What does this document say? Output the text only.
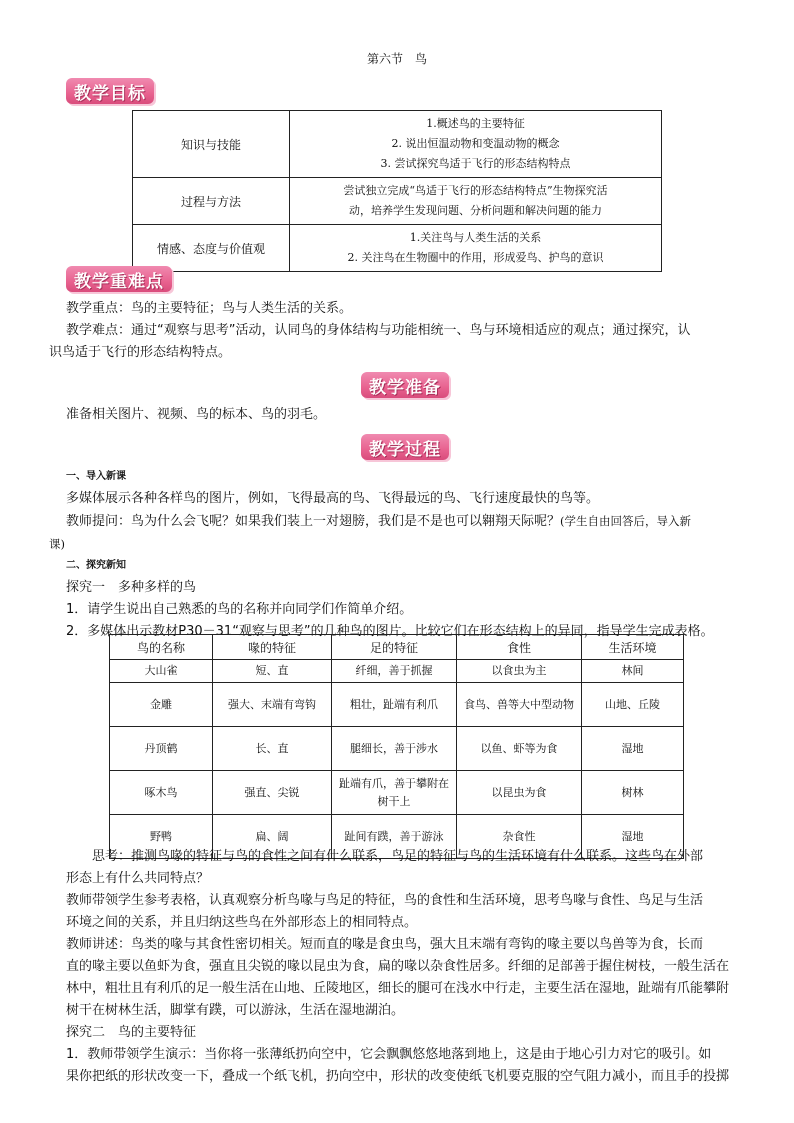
第六节 鸟
教学目标
知识与技能	1.概述鸟的主要特征
2. 说出恒温动物和变温动物的概念
3. 尝试探究鸟适于飞行的形态结构特点

过程与方法	尝试独立完成“鸟适于飞行的形态结构特点”生物探究活
动，培养学生发现问题、分析问题和解决问题的能力

情感、态度与价值观	1.关注鸟与人类生活的关系
2. 关注鸟在生物圈中的作用，形成爱鸟、护鸟的意识
教学重难点
教学重点：鸟的主要特征；鸟与人类生活的关系。
教学难点：通过“观察与思考”活动，认同鸟的身体结构与功能相统一、鸟与环境相适应的观点；通过探究，认
识鸟适于飞行的形态结构特点。
教学准备
准备相关图片、视频、鸟的标本、鸟的羽毛。
教学过程
一、导入新课
多媒体展示各种各样鸟的图片，例如，飞得最高的鸟、飞得最远的鸟、飞行速度最快的鸟等。
教师提问：鸟为什么会飞呢？如果我们装上一对翅膀，我们是不是也可以翱翔天际呢？(学生自由回答后，导入新
课)
二、探究新知
探究一　多种多样的鸟
1．请学生说出自己熟悉的鸟的名称并向同学们作简单介绍。
2．多媒体出示教材P30－31“观察与思考”的几种鸟的图片。比较它们在形态结构上的异同，指导学生完成表格。
鸟的名称	喙的特征	足的特征	食性	生活环境
大山雀	短、直	纤细，善于抓握	以食虫为主	林间
金雕	强大、末端有弯钩	粗壮，趾端有利爪	食鸟、兽等大中型动物	山地、丘陵
丹顶鹤	长、直	腿细长，善于涉水	以鱼、虾等为食	湿地
啄木鸟	强直、尖锐	趾端有爪，善于攀附在树干上	以昆虫为食	树林
野鸭	扁、阔	趾间有蹼，善于游泳	杂食性	湿地
思考：推测鸟喙的特征与鸟的食性之间有什么联系，鸟足的特征与鸟的生活环境有什么联系。这些鸟在外部
形态上有什么共同特点？
教师带领学生参考表格，认真观察分析鸟喙与鸟足的特征，鸟的食性和生活环境，思考鸟喙与食性、鸟足与生活
环境之间的关系，并且归纳这些鸟在外部形态上的相同特点。
教师讲述：鸟类的喙与其食性密切相关。短而直的喙是食虫鸟，强大且末端有弯钩的喙主要以鸟兽等为食，长而
直的喙主要以鱼虾为食，强直且尖锐的喙以昆虫为食，扁的喙以杂食性居多。纤细的足部善于握住树枝，一般生活在
林中，粗壮且有利爪的足一般生活在山地、丘陵地区，细长的腿可在浅水中行走，主要生活在湿地，趾端有爪能攀附
树干在树林生活，脚掌有蹼，可以游泳，生活在湿地湖泊。
探究二　鸟的主要特征
1．教师带领学生演示：当你将一张薄纸扔向空中，它会飘飘悠悠地落到地上，这是由于地心引力对它的吸引。如
果你把纸的形状改变一下，叠成一个纸飞机，扔向空中，形状的改变使纸飞机要克服的空气阻力减小，而且手的投掷
